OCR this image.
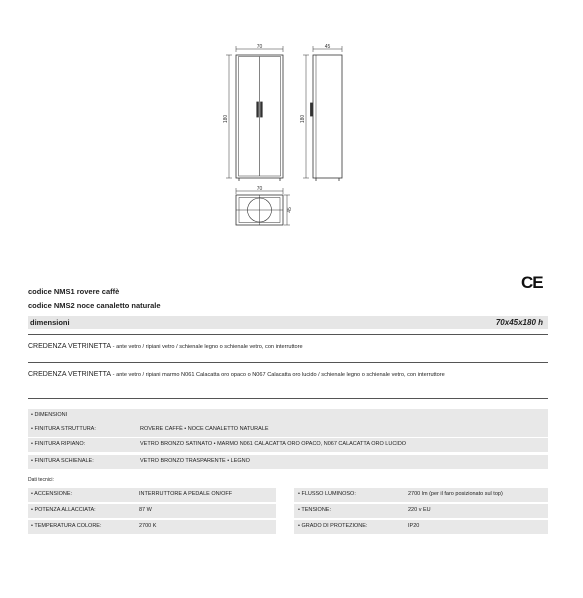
70
180
45
180
70
45
codice NMS1 rovere caffè
codice NMS2 noce canaletto naturale
CE
dimensioni	70x45x180 h
CREDENZA VETRINETTA - ante vetro / ripiani vetro / schienale legno o schienale vetro, con interruttore
CREDENZA VETRINETTA - ante vetro / ripiani marmo N061 Calacatta oro opaco o N067 Calacatta oro lucido / schienale legno o schienale vetro, con interruttore
• DIMENSIONI
• FINITURA STRUTTURA:	ROVERE CAFFÈ • NOCE CANALETTO NATURALE
• FINITURA RIPIANO:	VETRO BRONZO SATINATO • MARMO N061 CALACATTA ORO OPACO, N067 CALACATTA ORO LUCIDO
• FINITURA SCHIENALE:	VETRO BRONZO TRASPARENTE • LEGNO
Dati tecnici:
• ACCENSIONE:	INTERRUTTORE A PEDALE ON/OFF
• POTENZA ALLACCIATA:	87 W
• TEMPERATURA COLORE:	2700 K
• FLUSSO LUMINOSO:	2700 lm (per il faro posizionato sul top)
• TENSIONE:	220 v EU
• GRADO DI PROTEZIONE:	IP20
